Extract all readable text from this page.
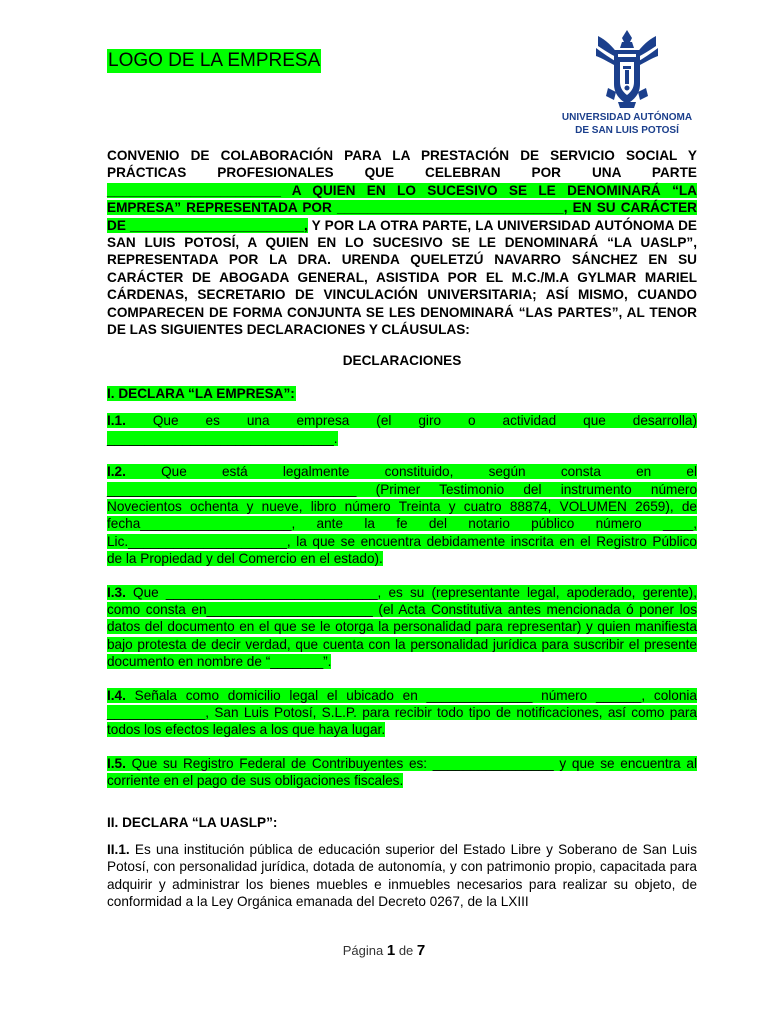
LOGO DE LA EMPRESA
UNIVERSIDAD AUTÓNOMA
DE SAN LUIS POTOSÍ

CONVENIO DE COLABORACIÓN PARA LA PRESTACIÓN DE SERVICIO SOCIAL Y PRÁCTICAS PROFESIONALES QUE CELEBRAN POR UNA PARTE _______________________ A QUIEN EN LO SUCESIVO SE LE DENOMINARÁ “LA EMPRESA” REPRESENTADA POR ______________________________, EN SU CARÁCTER DE _______________________, Y POR LA OTRA PARTE, LA UNIVERSIDAD AUTÓNOMA DE SAN LUIS POTOSÍ, A QUIEN EN LO SUCESIVO SE LE DENOMINARÁ “LA UASLP”, REPRESENTADA POR LA DRA. URENDA QUELETZÚ NAVARRO SÁNCHEZ EN SU CARÁCTER DE ABOGADA GENERAL, ASISTIDA POR EL M.C./M.A GYLMAR MARIEL CÁRDENAS, SECRETARIO DE VINCULACIÓN UNIVERSITARIA; ASÍ MISMO, CUANDO COMPARECEN DE FORMA CONJUNTA SE LES DENOMINARÁ “LAS PARTES”, AL TENOR DE LAS SIGUIENTES DECLARACIONES Y CLÁUSULAS:

DECLARACIONES

I. DECLARA “LA EMPRESA”:

I.1. Que es una empresa (el giro o actividad que desarrolla) ______________________________.

I.2. Que está legalmente constituido, según consta en el _________________________________ (Primer Testimonio del instrumento número Novecientos ochenta y nueve, libro número Treinta y cuatro 88874, VOLUMEN 2659), de fecha____________________, ante la fe del notario público número ____, Lic._____________________, la que se encuentra debidamente inscrita en el Registro Público de la Propiedad y del Comercio en el estado).

I.3. Que ____________________________, es su (representante legal, apoderado, gerente), como consta en______________________ (el Acta Constitutiva antes mencionada ó poner los datos del documento en el que se le otorga la personalidad para representar) y quien manifiesta bajo protesta de decir verdad, que cuenta con la personalidad jurídica para suscribir el presente documento en nombre de “_______”.

I.4. Señala como domicilio legal el ubicado en ______________ número ______, colonia _____________, San Luis Potosí, S.L.P. para recibir todo tipo de notificaciones, así como para todos los efectos legales a los que haya lugar.

I.5. Que su Registro Federal de Contribuyentes es: ________________ y que se encuentra al corriente en el pago de sus obligaciones fiscales.

II. DECLARA “LA UASLP”:

II.1. Es una institución pública de educación superior del Estado Libre y Soberano de San Luis Potosí, con personalidad jurídica, dotada de autonomía, y con patrimonio propio, capacitada para adquirir y administrar los bienes muebles e inmuebles necesarios para realizar su objeto, de conformidad a la Ley Orgánica emanada del Decreto 0267, de la LXIII

Página 1 de 7
